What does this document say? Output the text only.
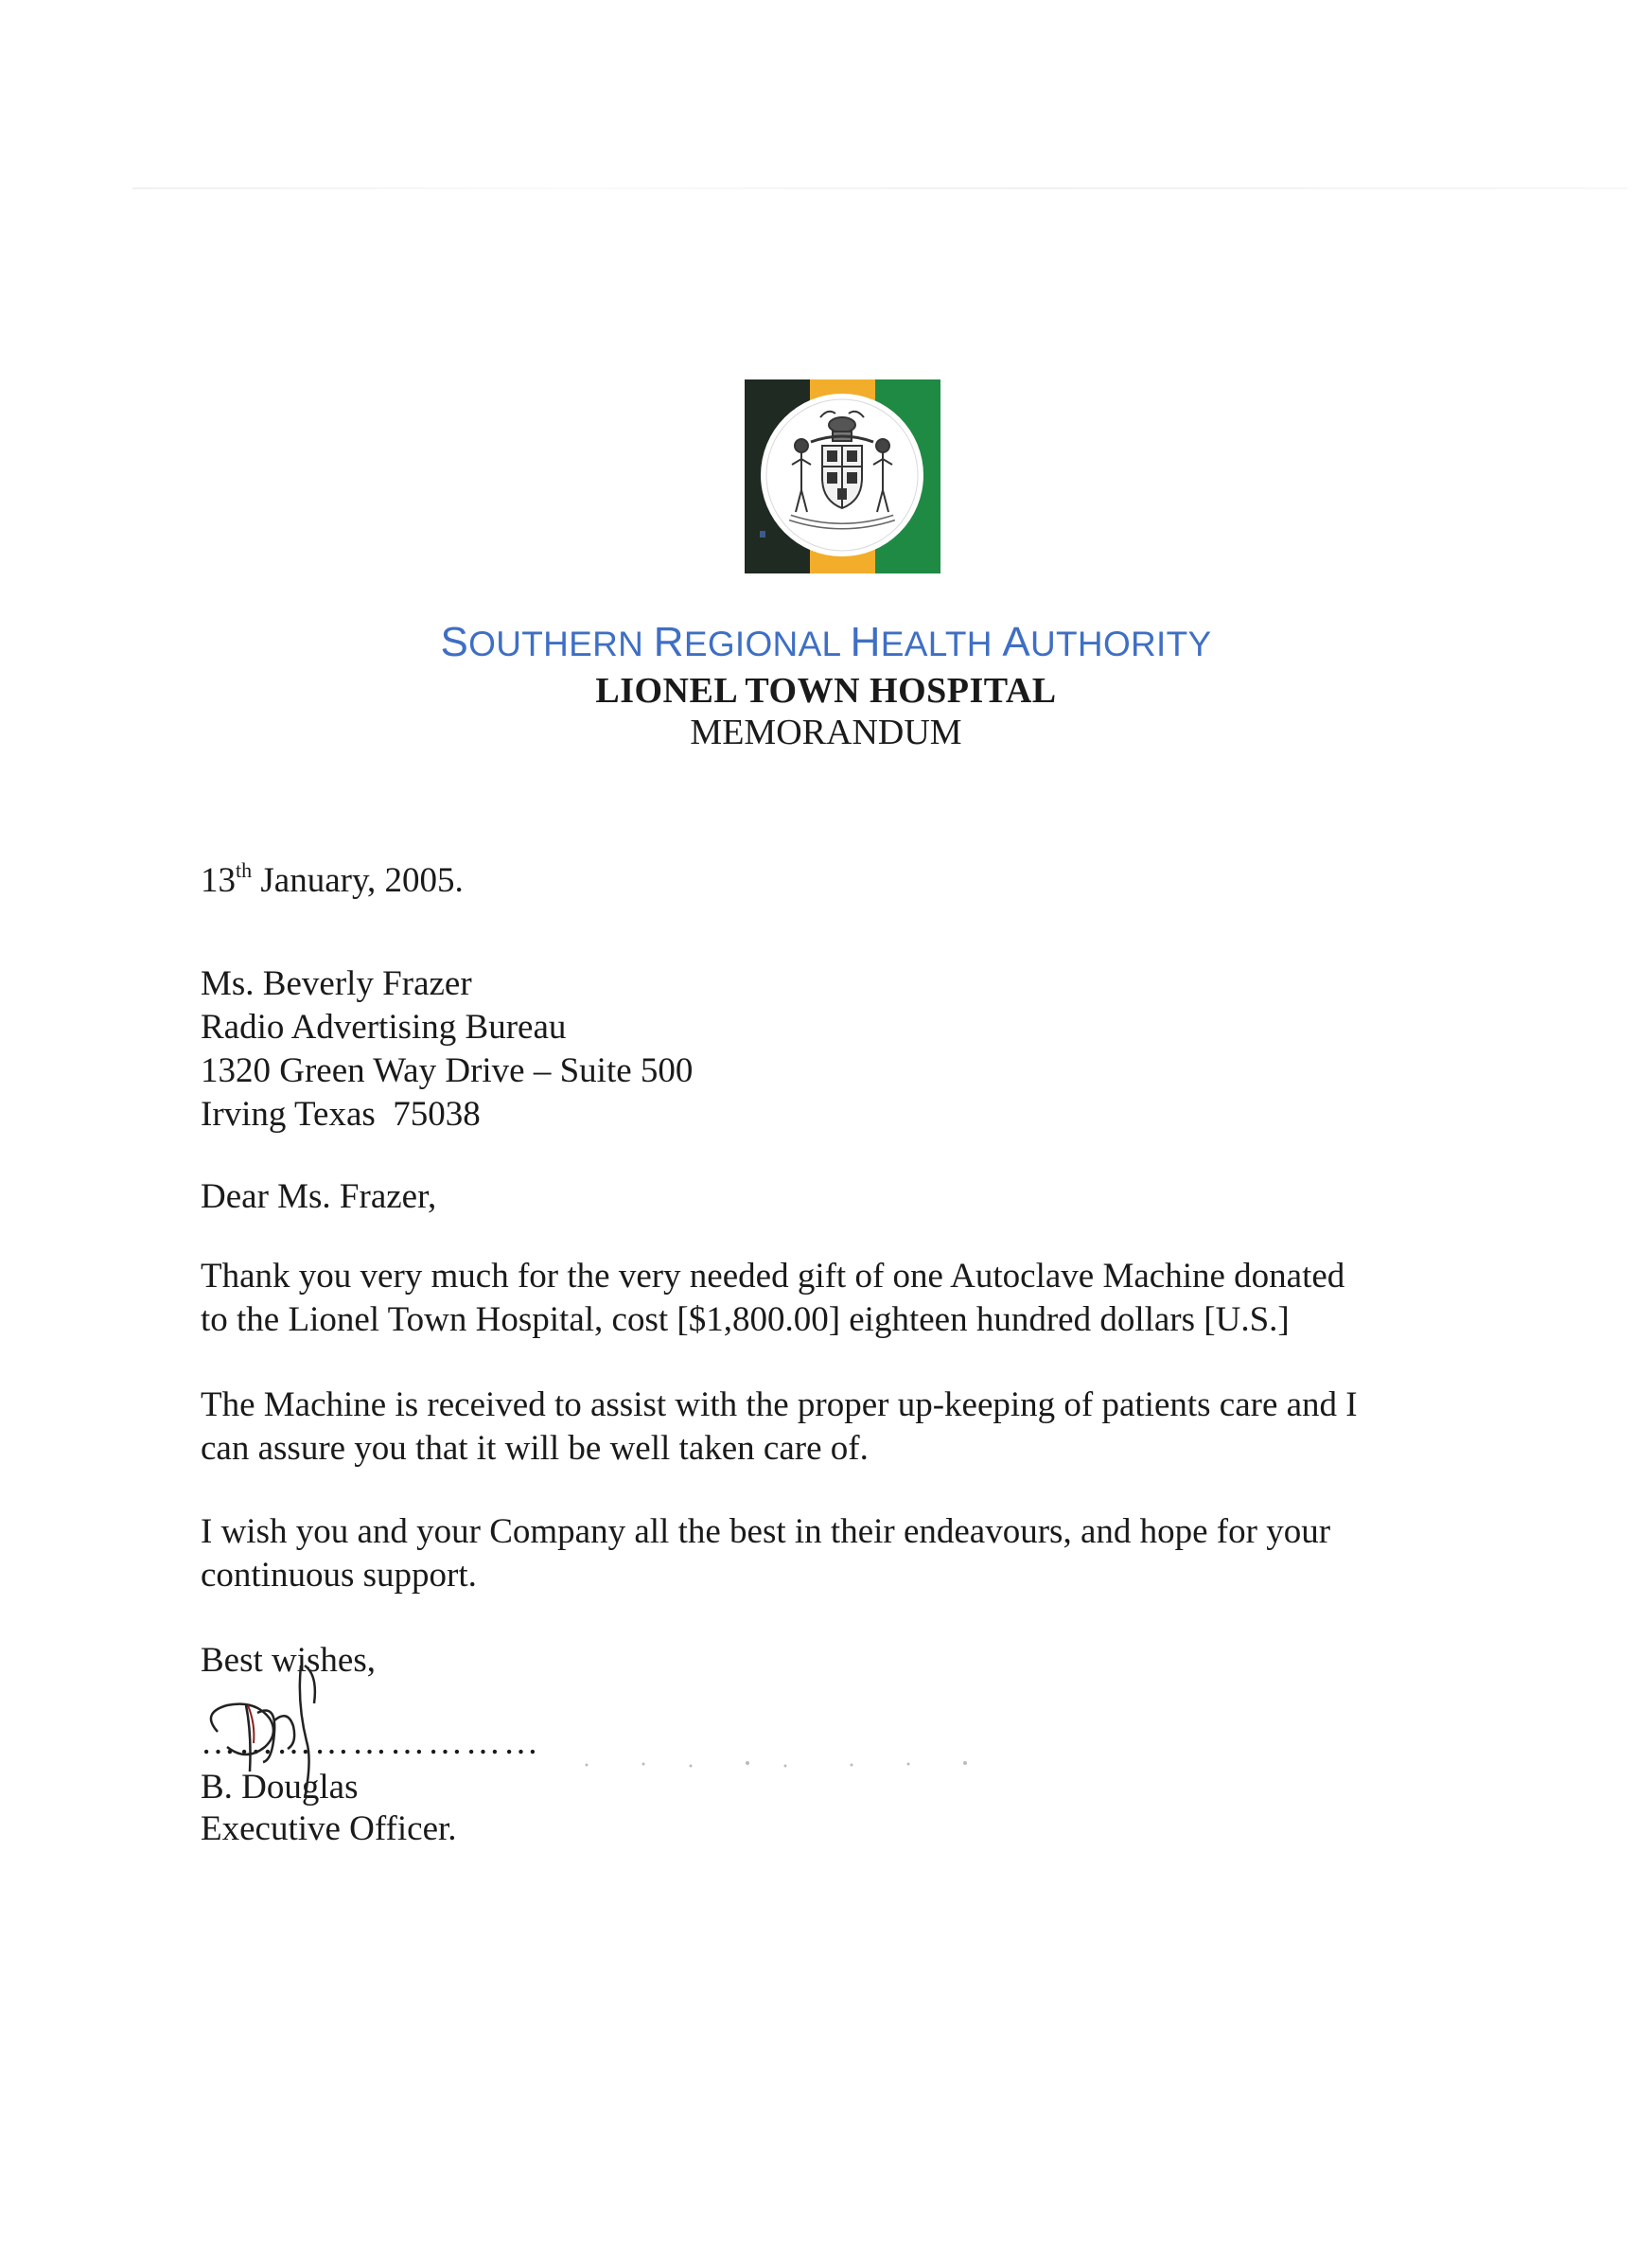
SOUTHERN REGIONAL HEALTH AUTHORITY
LIONEL TOWN HOSPITAL
MEMORANDUM
13th January, 2005.
Ms. Beverly Frazer
Radio Advertising Bureau
1320 Green Way Drive – Suite 500
Irving Texas  75038
Dear Ms. Frazer,

Thank you very much for the very needed gift of one Autoclave Machine donated

to the Lionel Town Hospital, cost [$1,800.00] eighteen hundred dollars [U.S.]

The Machine is received to assist with the proper up-keeping of patients care and I

can assure you that it will be well taken care of.

I wish you and your Company all the best in their endeavours, and hope for your

continuous support.

Best wishes,
………………………
B. Douglas
Executive Officer.
